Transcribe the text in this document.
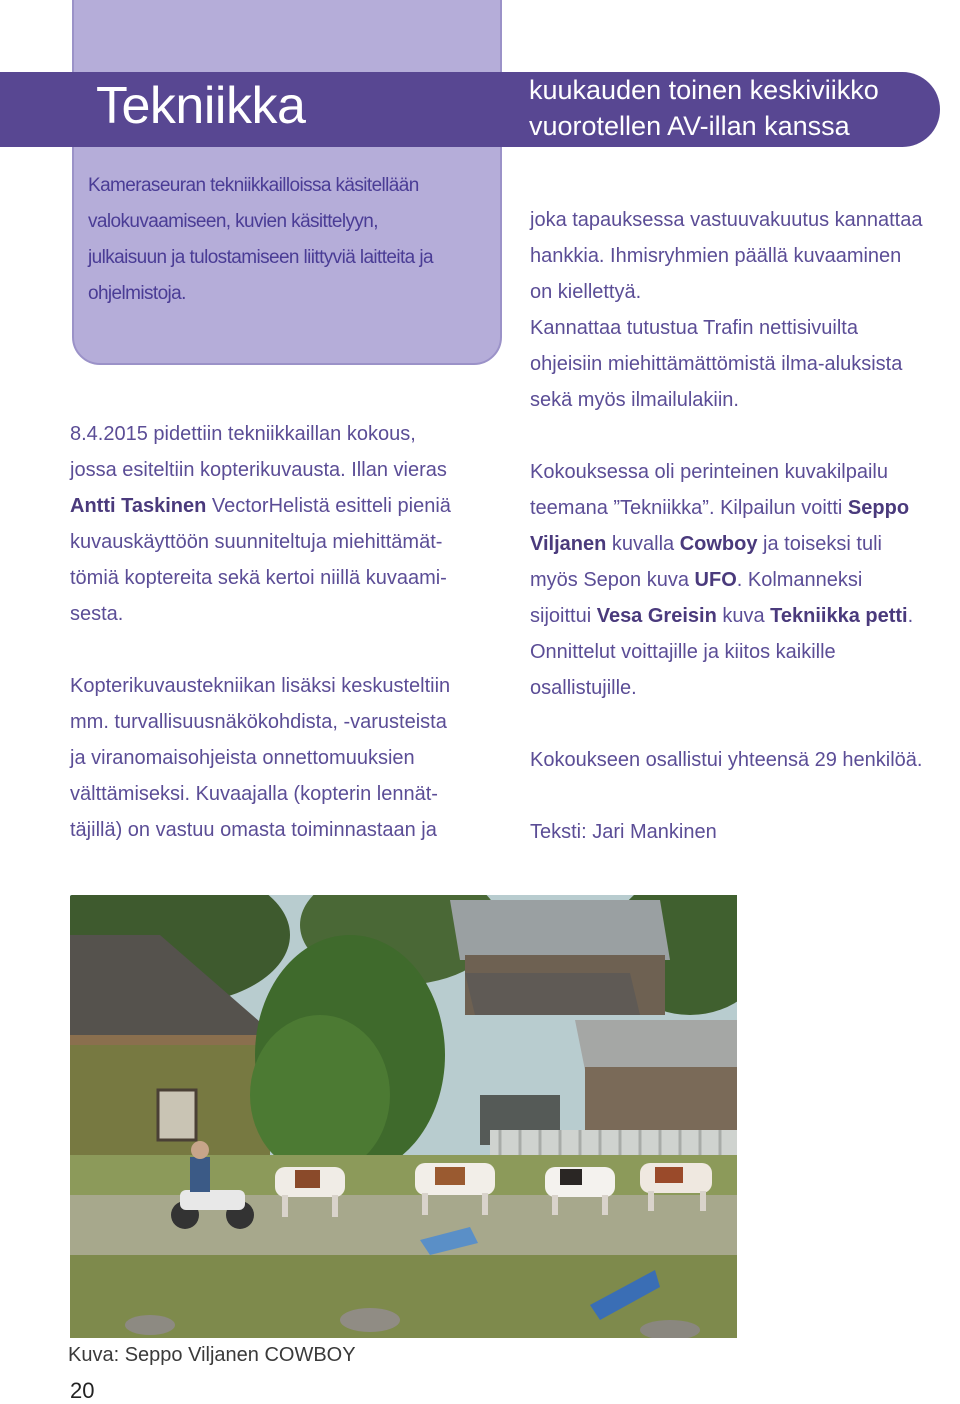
Tekniikka	kuukauden toinen keskiviikko
vuorotellen AV-illan kanssa
Kameraseuran tekniikkailloissa käsitellään
valokuvaamiseen, kuvien käsittelyyn,
julkaisuun ja tulostamiseen liittyviä laitteita ja
ohjelmistoja.

8.4.2015 pidettiin tekniikkaillan kokous,

jossa esiteltiin kopterikuvausta. Illan vieras

Antti Taskinen VectorHelistä esitteli pieniä

kuvauskäyttöön suunniteltuja miehittämät-

tömiä koptereita sekä kertoi niillä kuvaami-

sesta.

Kopterikuvaustekniikan lisäksi keskusteltiin

mm. turvallisuusnäkökohdista, -varusteista

ja viranomaisohjeista onnettomuuksien

välttämiseksi. Kuvaajalla (kopterin lennät-

täjillä) on vastuu omasta toiminnastaan ja

joka tapauksessa vastuuvakuutus kannattaa

hankkia. Ihmisryhmien päällä kuvaaminen

on kiellettyä.

Kannattaa tutustua Trafin nettisivuilta

ohjeisiin miehittämättömistä ilma-aluksista

sekä myös ilmailulakiin.

Kokouksessa oli perinteinen kuvakilpailu

teemana ”Tekniikka”. Kilpailun voitti Seppo

Viljanen kuvalla Cowboy ja toiseksi tuli

myös Sepon kuva UFO. Kolmanneksi

sijoittui Vesa Greisin kuva Tekniikka petti.

Onnittelut voittajille ja kiitos kaikille

osallistujille.

Kokoukseen osallistui yhteensä 29 henkilöä.

Teksti: Jari Mankinen

Kuva: Seppo Viljanen COWBOY
20
